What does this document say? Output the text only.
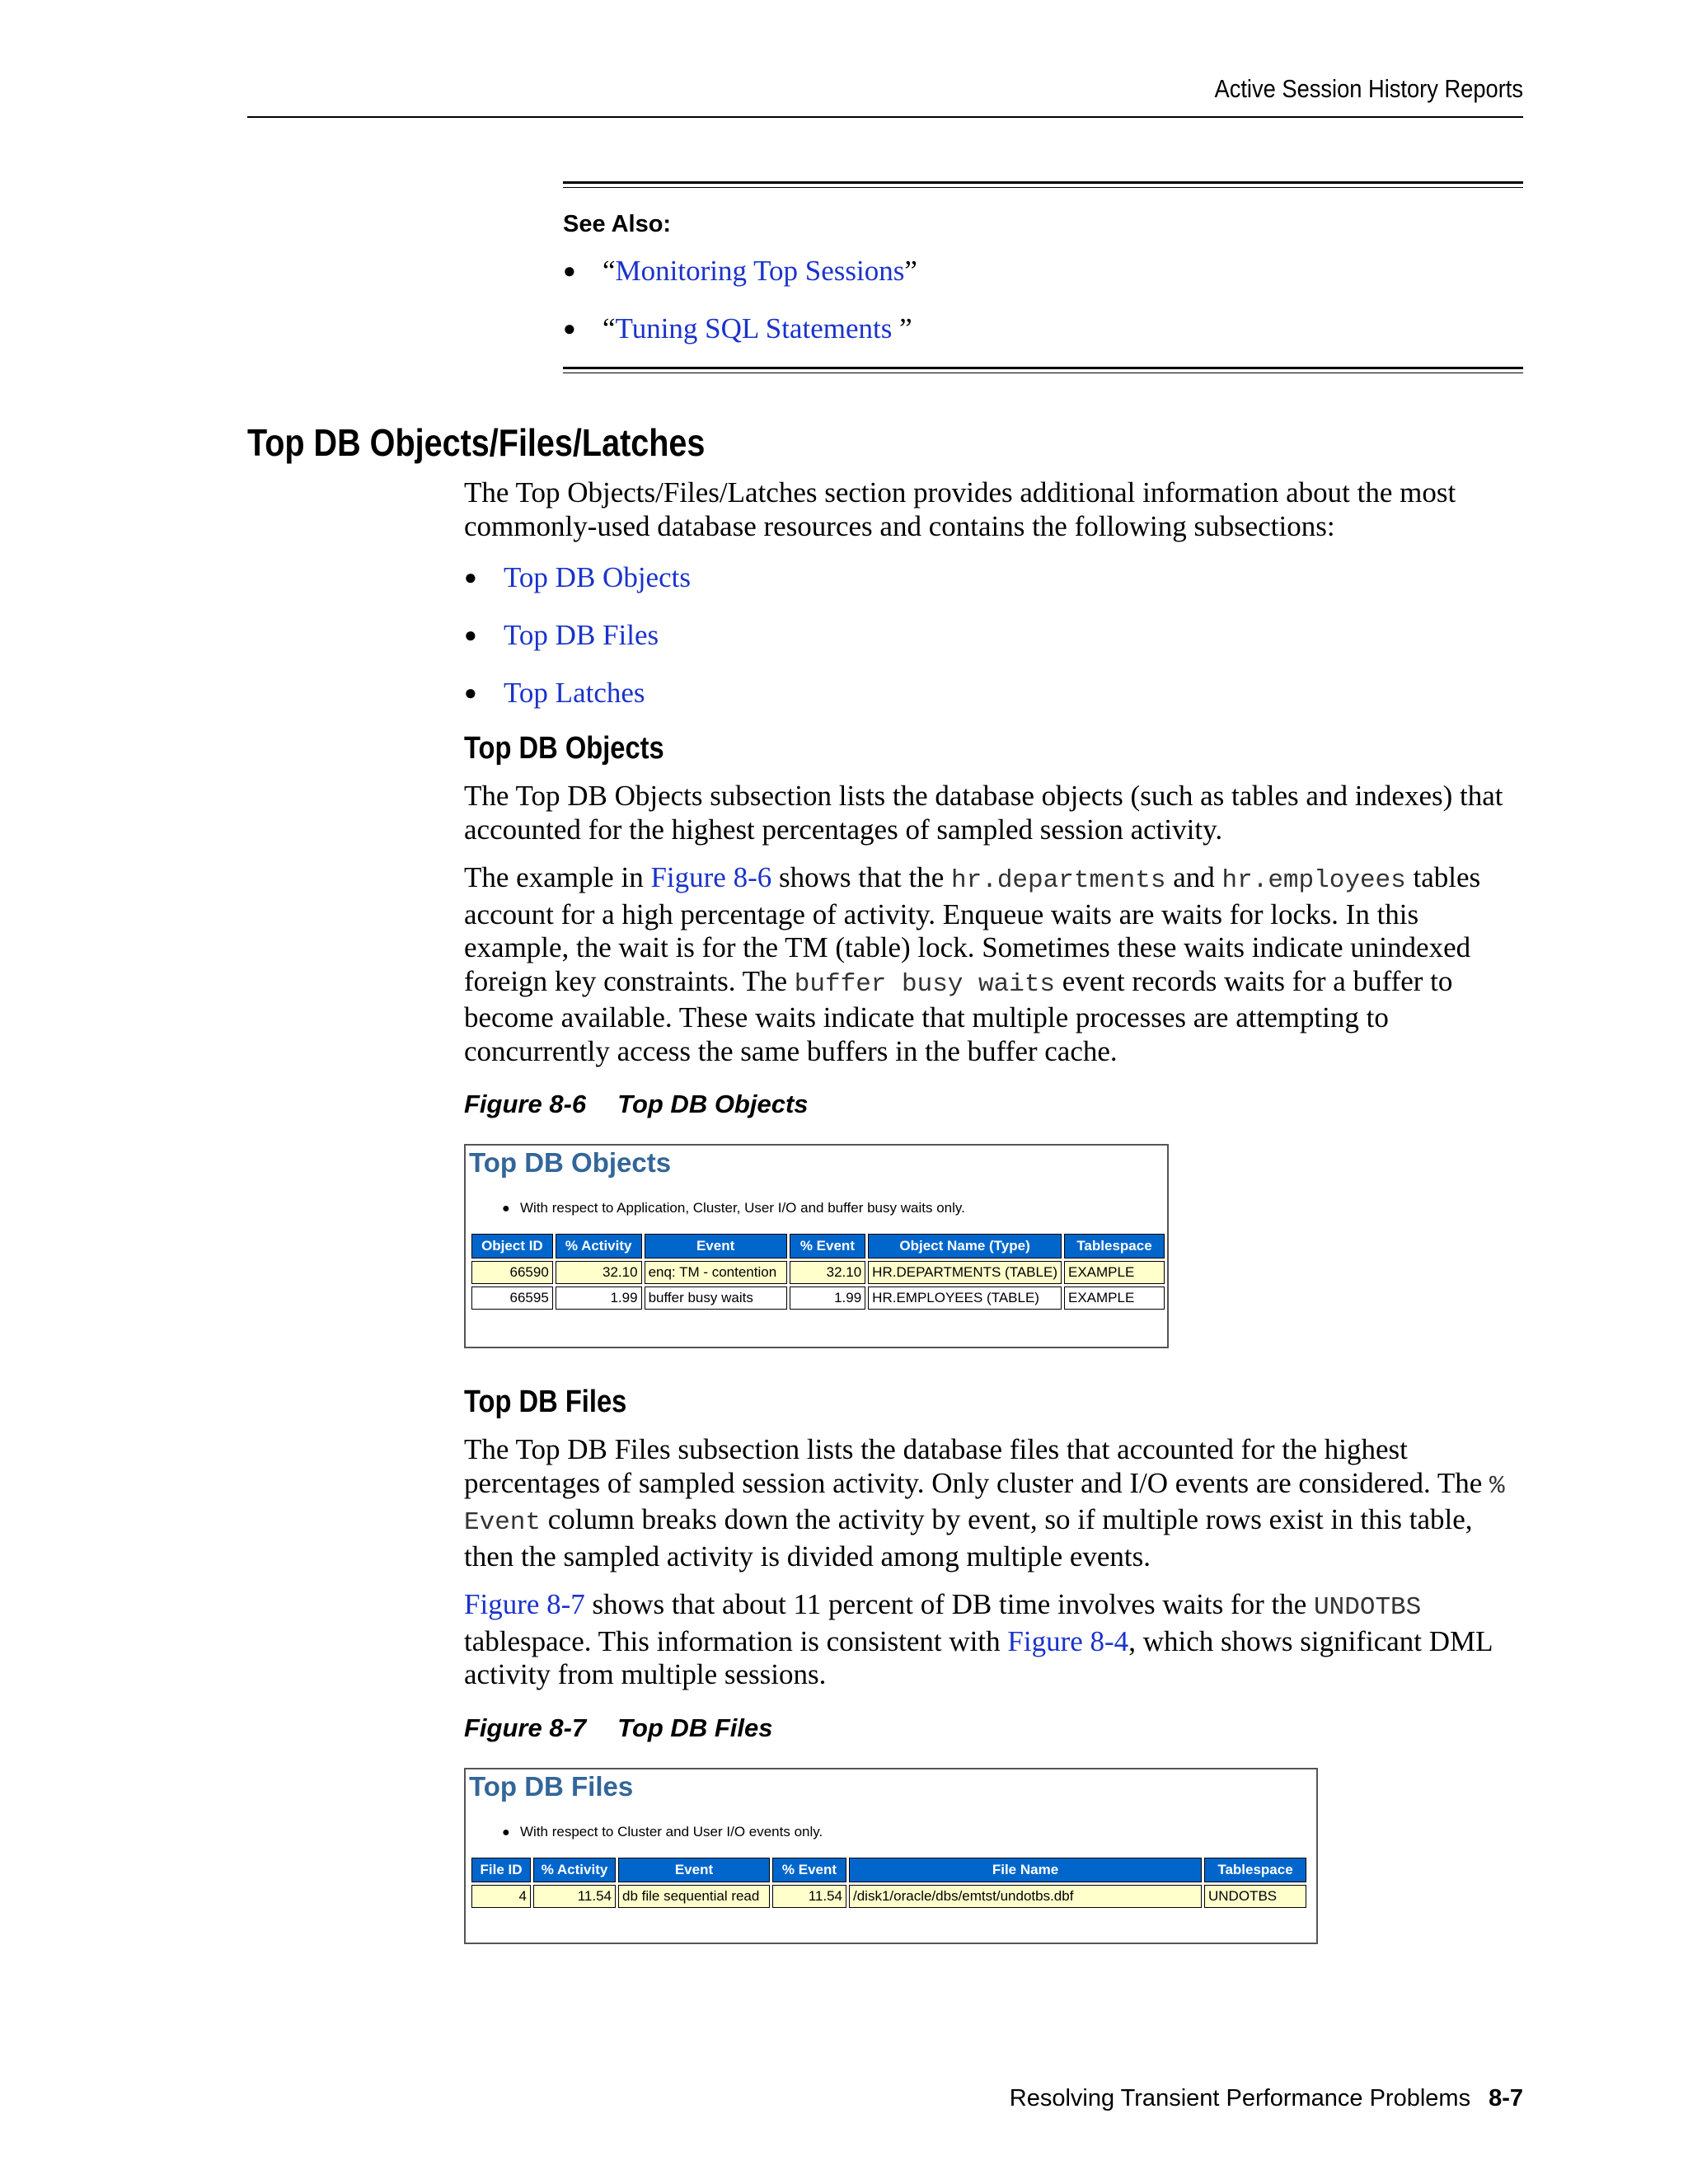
Active Session History Reports
See Also:
● “Monitoring Top Sessions”
● “Tuning SQL Statements ”
Top DB Objects/Files/Latches

The Top Objects/Files/Latches section provides additional information about the most commonly-used database resources and contains the following subsections:

● Top DB Objects
● Top DB Files
● Top Latches
Top DB Objects

The Top DB Objects subsection lists the database objects (such as tables and indexes) that accounted for the highest percentages of sampled session activity.

The example in Figure 8-6 shows that the hr.departments and hr.employees tables account for a high percentage of activity. Enqueue waits are waits for locks. In this example, the wait is for the TM (table) lock. Sometimes these waits indicate unindexed foreign key constraints. The buffer busy waits event records waits for a buffer to become available. These waits indicate that multiple processes are attempting to concurrently access the same buffers in the buffer cache.

Figure 8-6 Top DB Objects
Top DB Objects
● With respect to Application, Cluster, User I/O and buffer busy waits only.
Object ID	% Activity	Event	% Event	Object Name (Type)	Tablespace
66590	32.10	enq: TM - contention	32.10	HR.DEPARTMENTS (TABLE)	EXAMPLE
66595	1.99	buffer busy waits	1.99	HR.EMPLOYEES (TABLE)	EXAMPLE
Top DB Files

The Top DB Files subsection lists the database files that accounted for the highest percentages of sampled session activity. Only cluster and I/O events are considered. The % Event column breaks down the activity by event, so if multiple rows exist in this table, then the sampled activity is divided among multiple events.

Figure 8-7 shows that about 11 percent of DB time involves waits for the UNDOTBS tablespace. This information is consistent with Figure 8-4, which shows significant DML activity from multiple sessions.

Figure 8-7 Top DB Files
Top DB Files
● With respect to Cluster and User I/O events only.
File ID	% Activity	Event	% Event	File Name	Tablespace
4	11.54	db file sequential read	11.54	/disk1/oracle/dbs/emtst/undotbs.dbf	UNDOTBS
Resolving Transient Performance Problems 8-7
